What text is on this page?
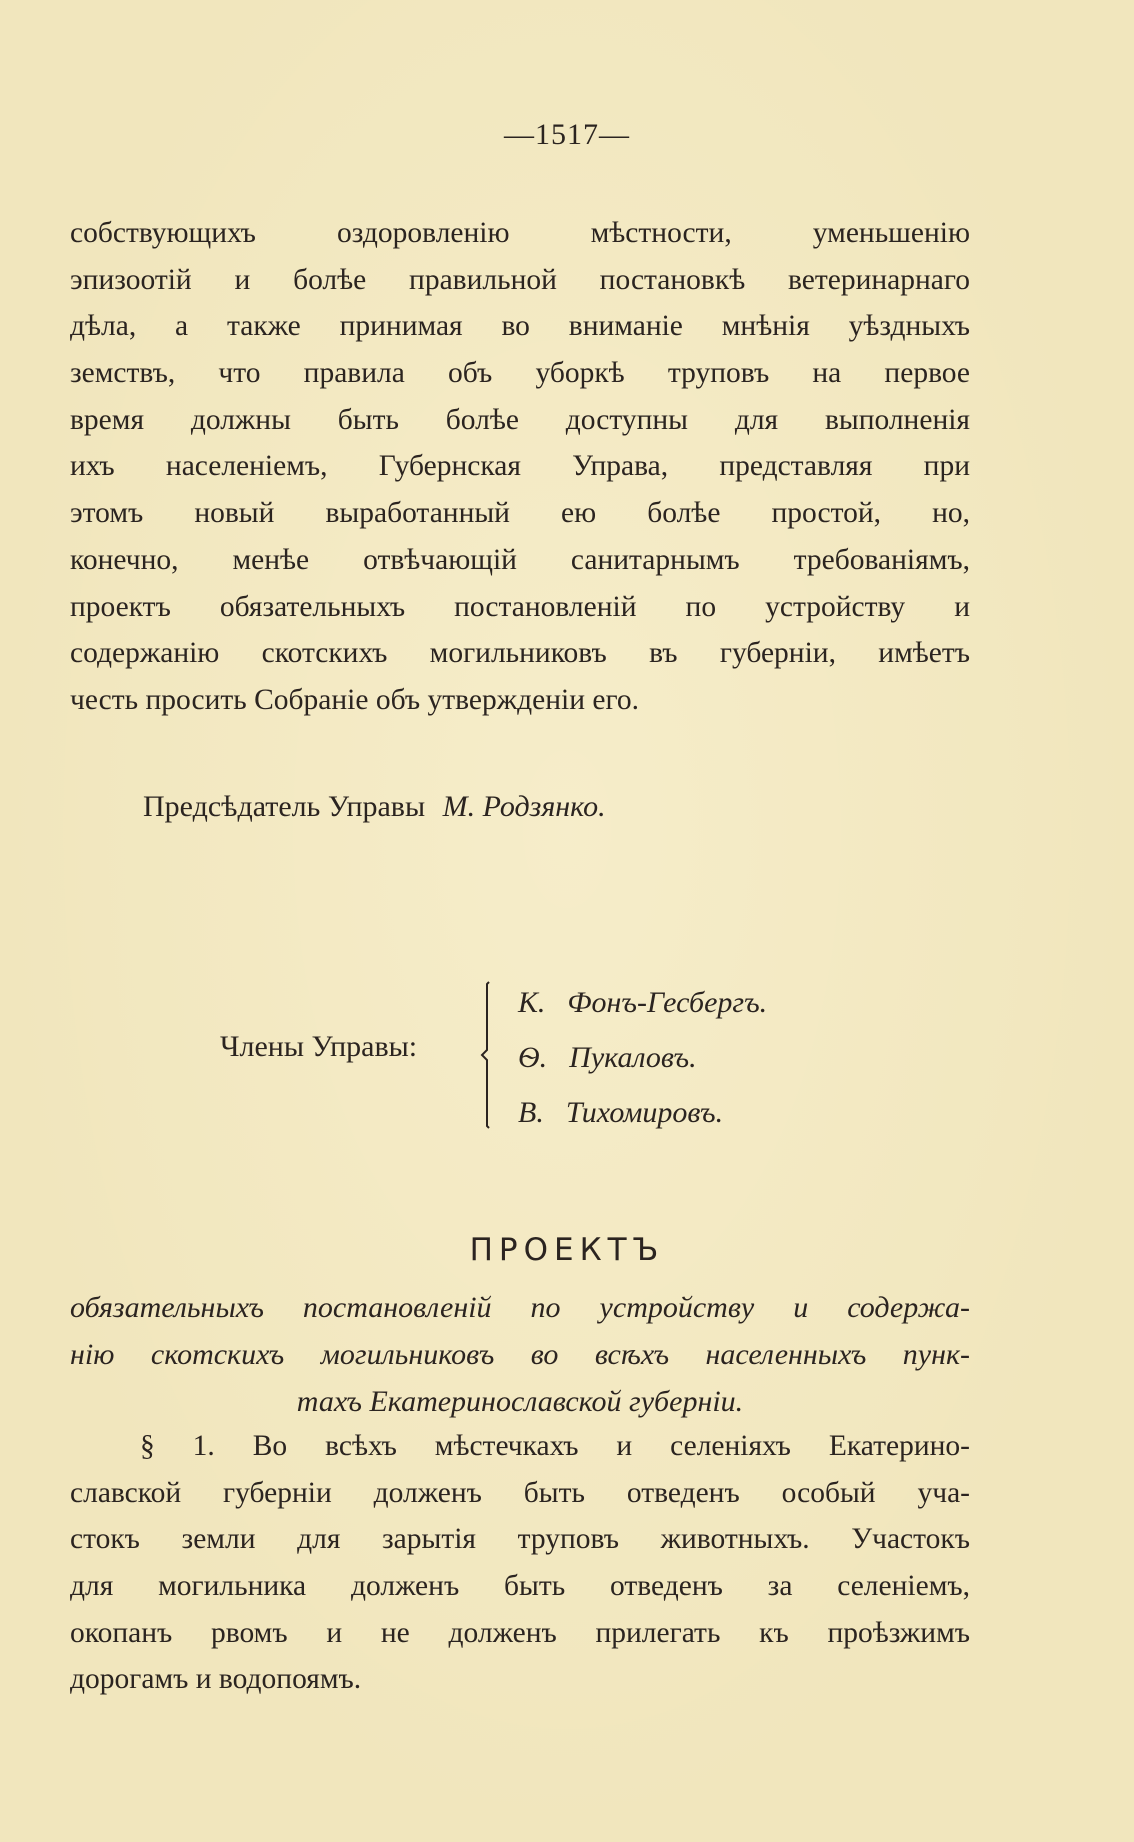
—1517—
собствующихъ оздоровленію мѣстности, уменьшенію
эпизоотій и болѣе правильной постановкѣ ветеринарнаго
дѣла, а также принимая во вниманіе мнѣнія уѣздныхъ
земствъ, что правила объ уборкѣ труповъ на первое
время должны быть болѣе доступны для выполненія
ихъ населеніемъ, Губернская Управа, представляя при
этомъ новый выработанный ею болѣе простой, но,
конечно, менѣе отвѣчающій санитарнымъ требованіямъ,
проектъ обязательныхъ постановленій по устройству и
содержанію скотскихъ могильниковъ въ губерніи, имѣетъ
честь просить Собраніе объ утвержденіи его.
Предсѣдатель Управы М. Родзянко.
Члены Управы:
К. Фонъ-Гесбергъ.
Ѳ. Пукаловъ.
В. Тихомировъ.
ПРОЕКТЪ
обязательныхъ постановленій по устройству и содержа-
нію скотскихъ могильниковъ во всѣхъ населенныхъ пунк-
тахъ Екатеринославской губерніи.
§ 1. Во всѣхъ мѣстечкахъ и селеніяхъ Екатерино-
славской губерніи долженъ быть отведенъ особый уча-
стокъ земли для зарытія труповъ животныхъ. Участокъ
для могильника долженъ быть отведенъ за селеніемъ,
окопанъ рвомъ и не долженъ прилегать къ проѣзжимъ
дорогамъ и водопоямъ.
